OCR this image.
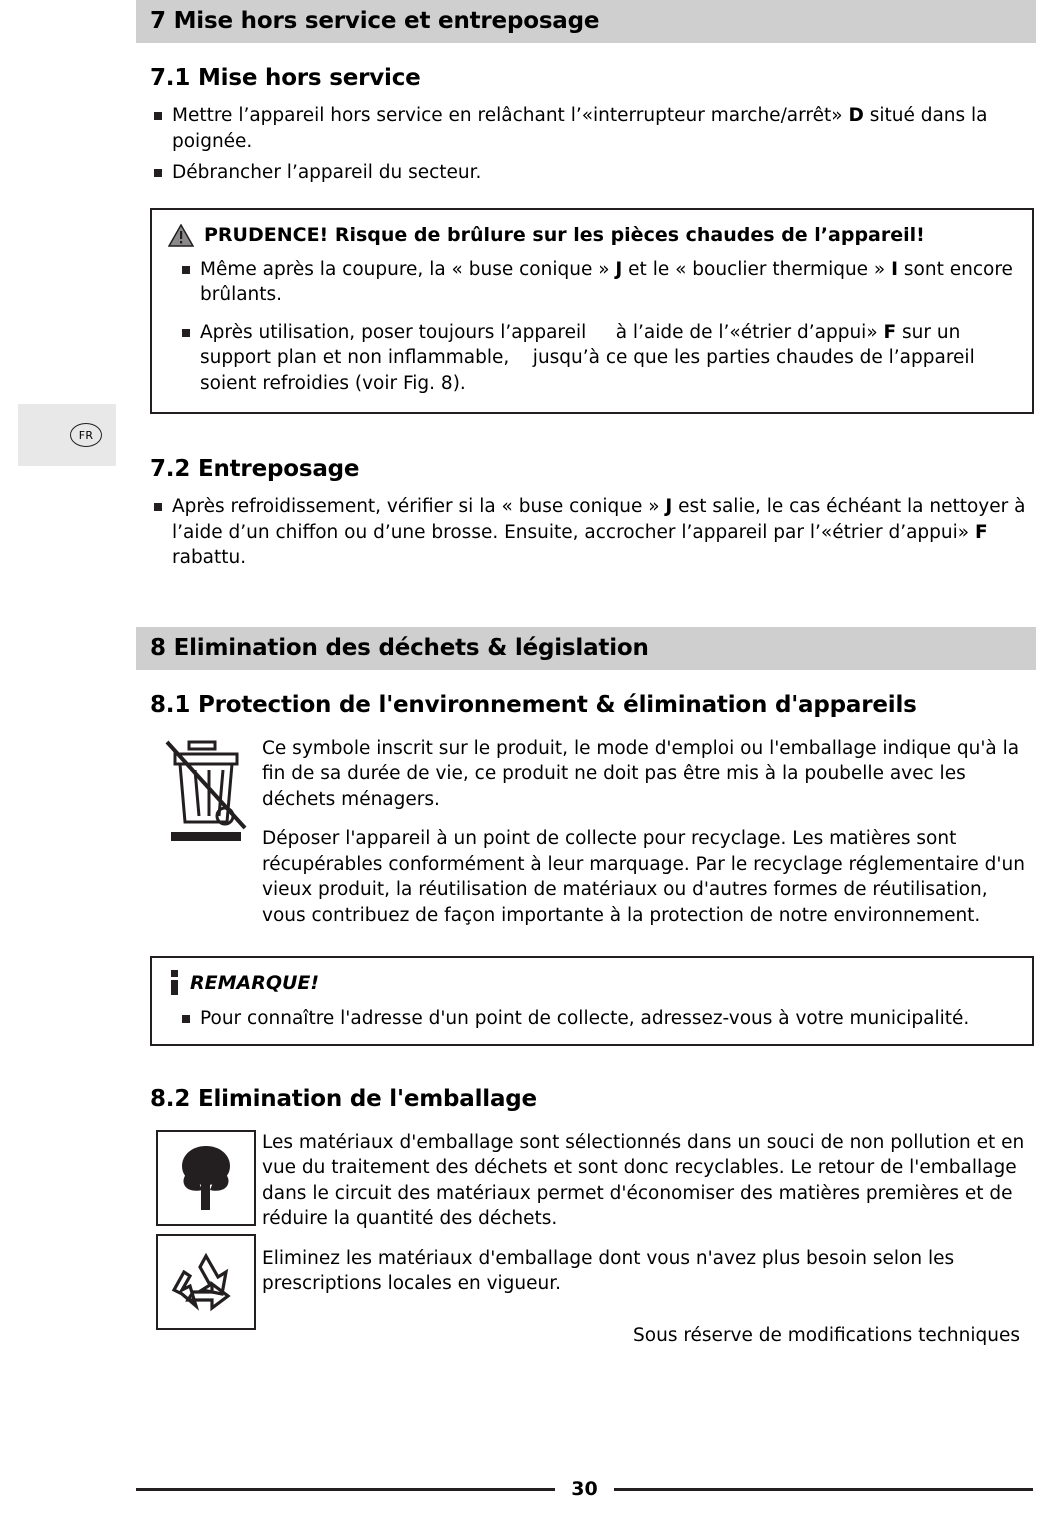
FR
7 Mise hors service et entreposage
7.1 Mise hors service
Mettre l’appareil hors service en relâchant l’«interrupteur marche/arrêt» D situé dans la poignée.
Débrancher l’appareil du secteur.
PRUDENCE! Risque de brûlure sur les pièces chaudes de l’appareil!
Même après la coupure, la « buse conique » J et le « bouclier thermique » I sont encore brûlants.
Après utilisation, poser toujours l’appareil     à l’aide de l’«étrier d’appui» F sur un support plan et non inflammable,    jusqu’à ce que les parties chaudes de l’appareil soient refroidies (voir Fig. 8).
7.2 Entreposage
Après refroidissement, vérifier si la « buse conique » J est salie, le cas échéant la nettoyer à l’aide d’un chiffon ou d’une brosse. Ensuite, accrocher l’appareil par l’«étrier d’appui» F rabattu.
8 Elimination des déchets & législation
8.1 Protection de l'environnement & élimination d'appareils

Ce symbole inscrit sur le produit, le mode d'emploi ou l'emballage indique qu'à la fin de sa durée de vie, ce produit ne doit pas être mis à la poubelle avec les déchets ménagers.

Déposer l'appareil à un point de collecte pour recyclage. Les matières sont récupérables conformément à leur marquage. Par le recyclage réglementaire d'un vieux produit, la réutilisation de matériaux ou d'autres formes de réutilisation, vous contribuez de façon importante à la protection de notre environnement.

REMARQUE!
Pour connaître l'adresse d'un point de collecte, adressez-vous à votre municipalité.
8.2 Elimination de l'emballage

Les matériaux d'emballage sont sélectionnés dans un souci de non pollution et en vue du traitement des déchets et sont donc recyclables. Le retour de l'emballage dans le circuit des matériaux permet d'économiser des matières premières et de réduire la quantité des déchets.

Eliminez les matériaux d'emballage dont vous n'avez plus besoin selon les prescriptions locales en vigueur.

Sous réserve de modifications techniques
30
